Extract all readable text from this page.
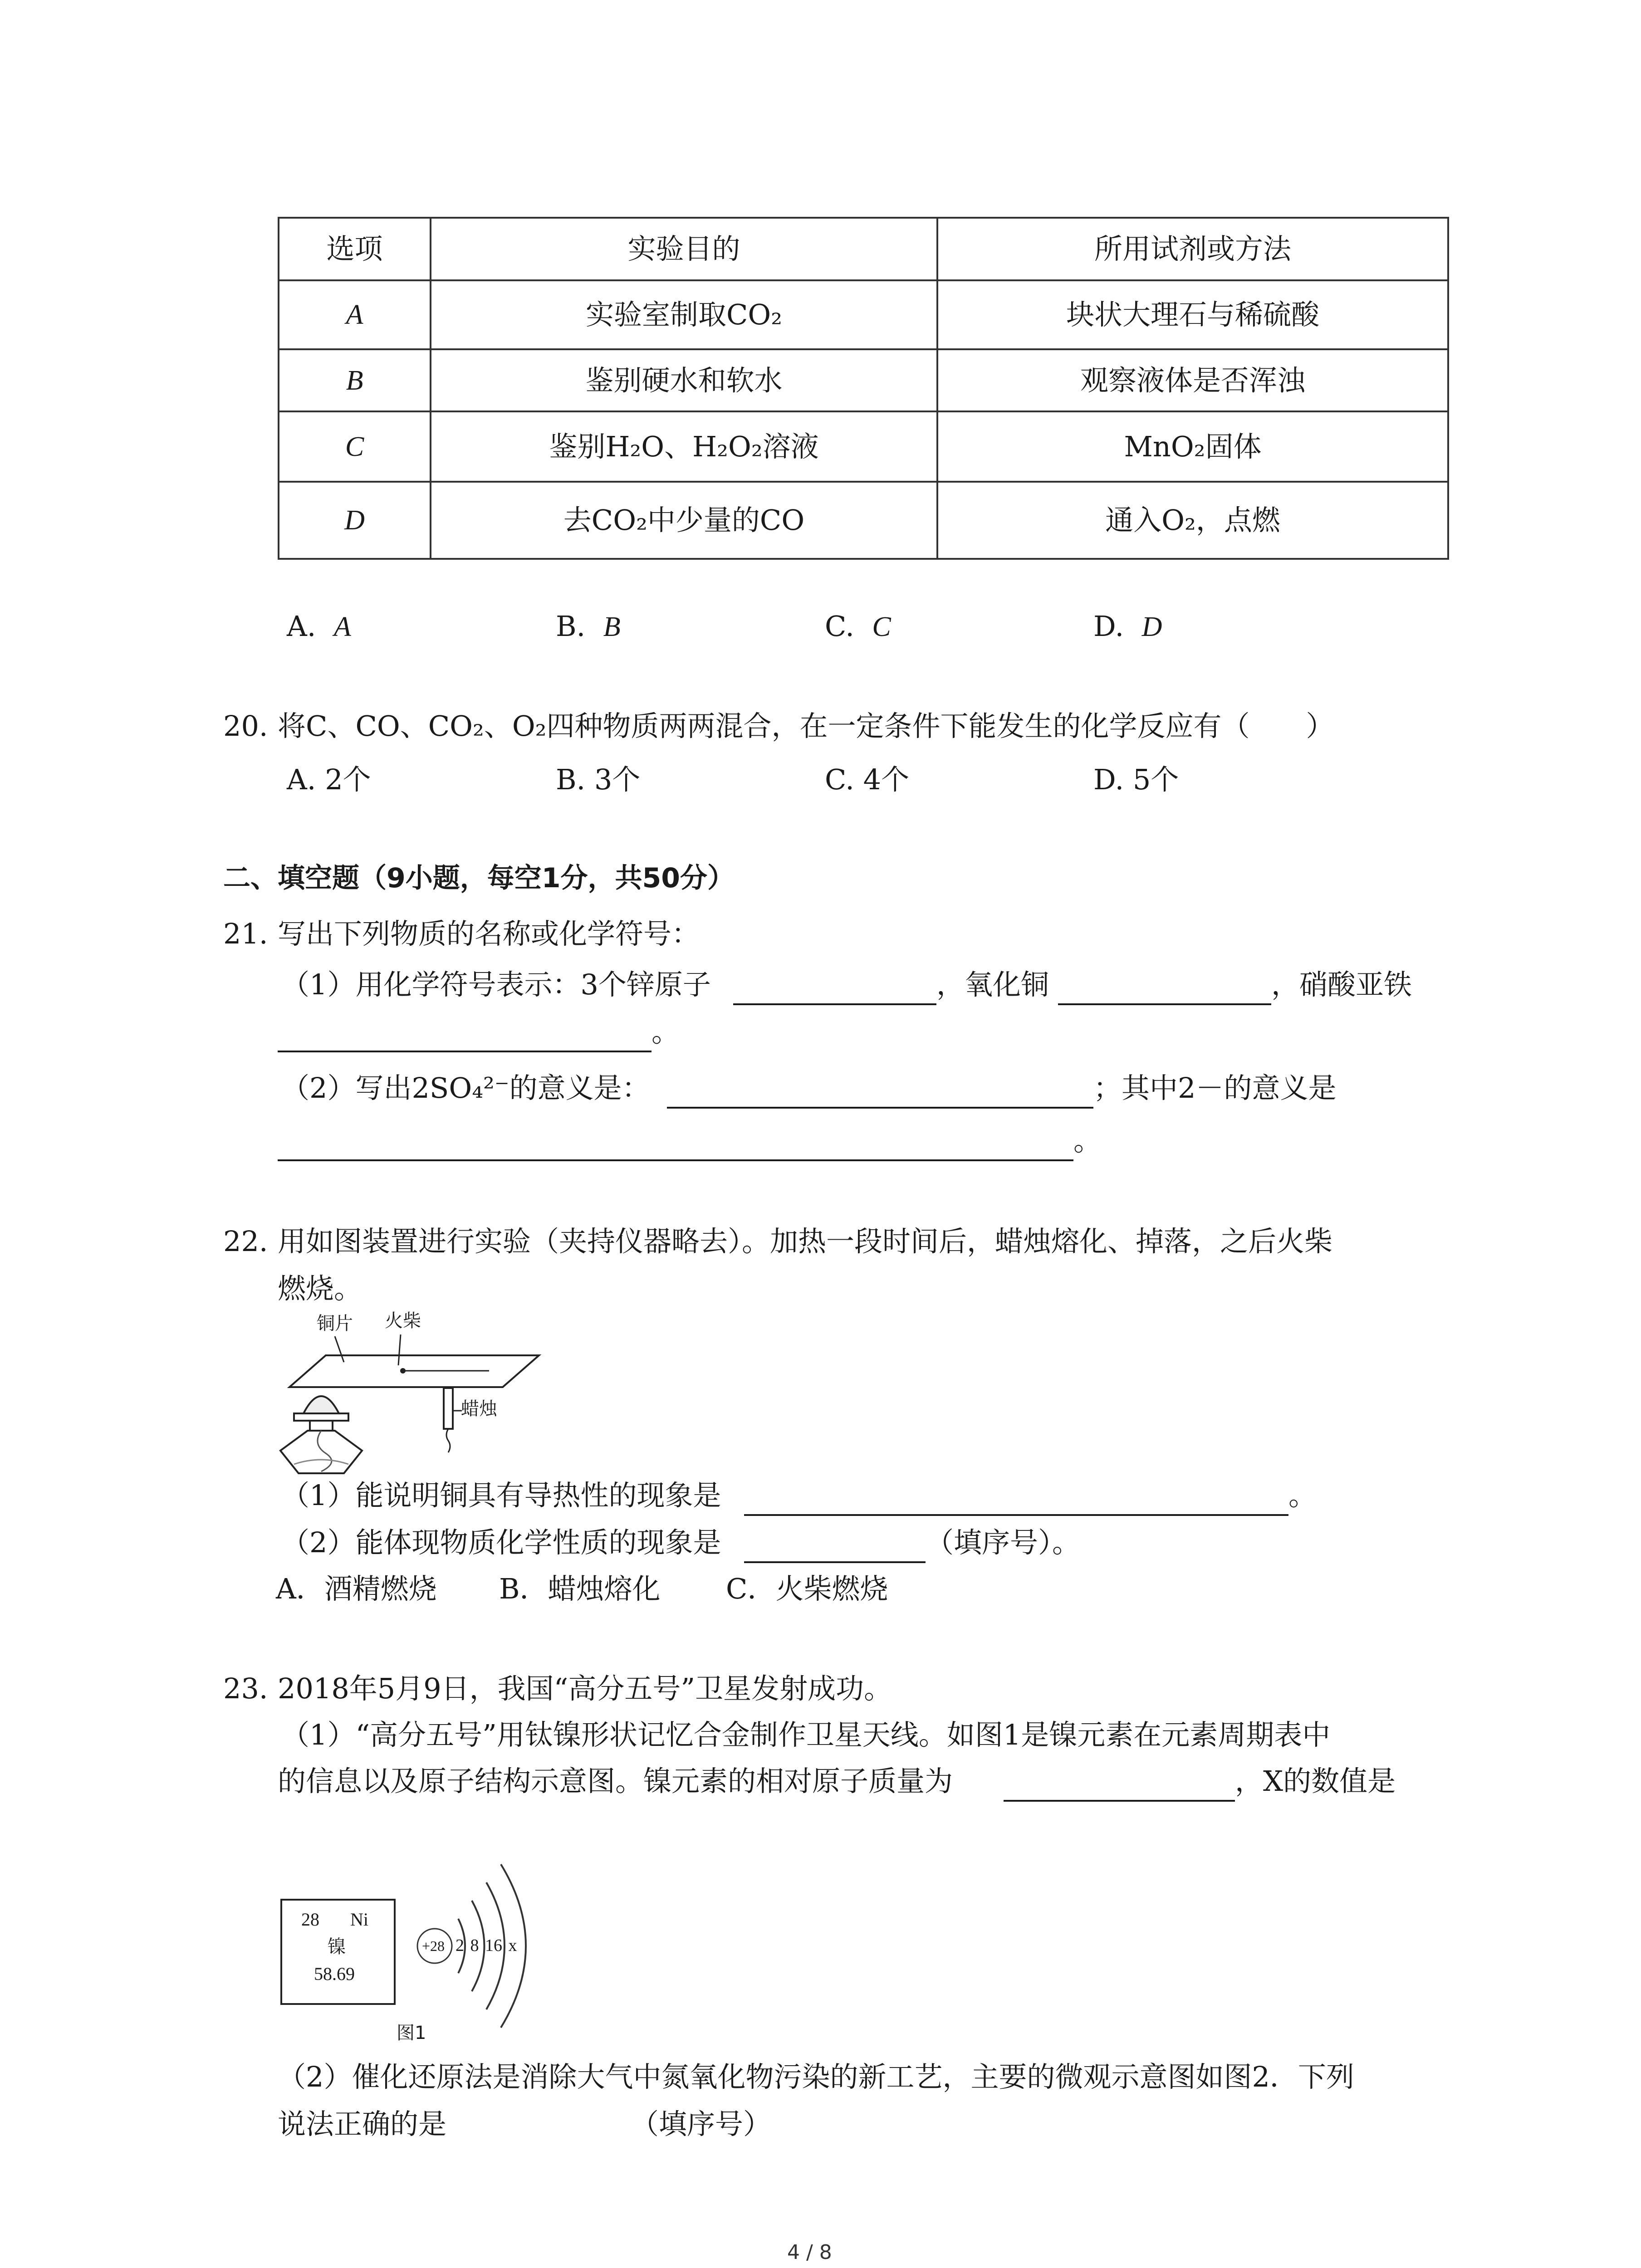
选项	实验目的	所用试剂或方法
A	实验室制取CO₂	块状大理石与稀硫酸
B	鉴别硬水和软水	观察液体是否浑浊
C	鉴别H₂O、H₂O₂溶液	MnO₂固体
D	去CO₂中少量的CO	通入O₂，点燃
A. A	B. B	C. C	D. D
20. 将C、CO、CO₂、O₂四种物质两两混合，在一定条件下能发生的化学反应有（　　）
A. 2个	B. 3个	C. 4个	D. 5个
二、填空题（9小题，每空1分，共50分）
21. 写出下列物质的名称或化学符号：
（1）用化学符号表示：3个锌原子	，氧化铜	，硝酸亚铁
。
（2）写出2SO₄²⁻的意义是：	；其中2－的意义是
。
22. 用如图装置进行实验（夹持仪器略去）。加热一段时间后，蜡烛熔化、掉落，之后火柴
燃烧。
铜片 火柴
蜡烛
（1）能说明铜具有导热性的现象是	。
（2）能体现物质化学性质的现象是	（填序号）。
A．酒精燃烧 B．蜡烛熔化 C．火柴燃烧
23. 2018年5月9日，我国“高分五号”卫星发射成功。
（1）“高分五号”用钛镍形状记忆合金制作卫星天线。如图1是镍元素在元素周期表中
的信息以及原子结构示意图。镍元素的相对原子质量为	，X的数值是
28 Ni
镍
58.69
+28 2 8 16 x
图1
（2）催化还原法是消除大气中氮氧化物污染的新工艺，主要的微观示意图如图2．下列
说法正确的是	（填序号）
4 / 8
